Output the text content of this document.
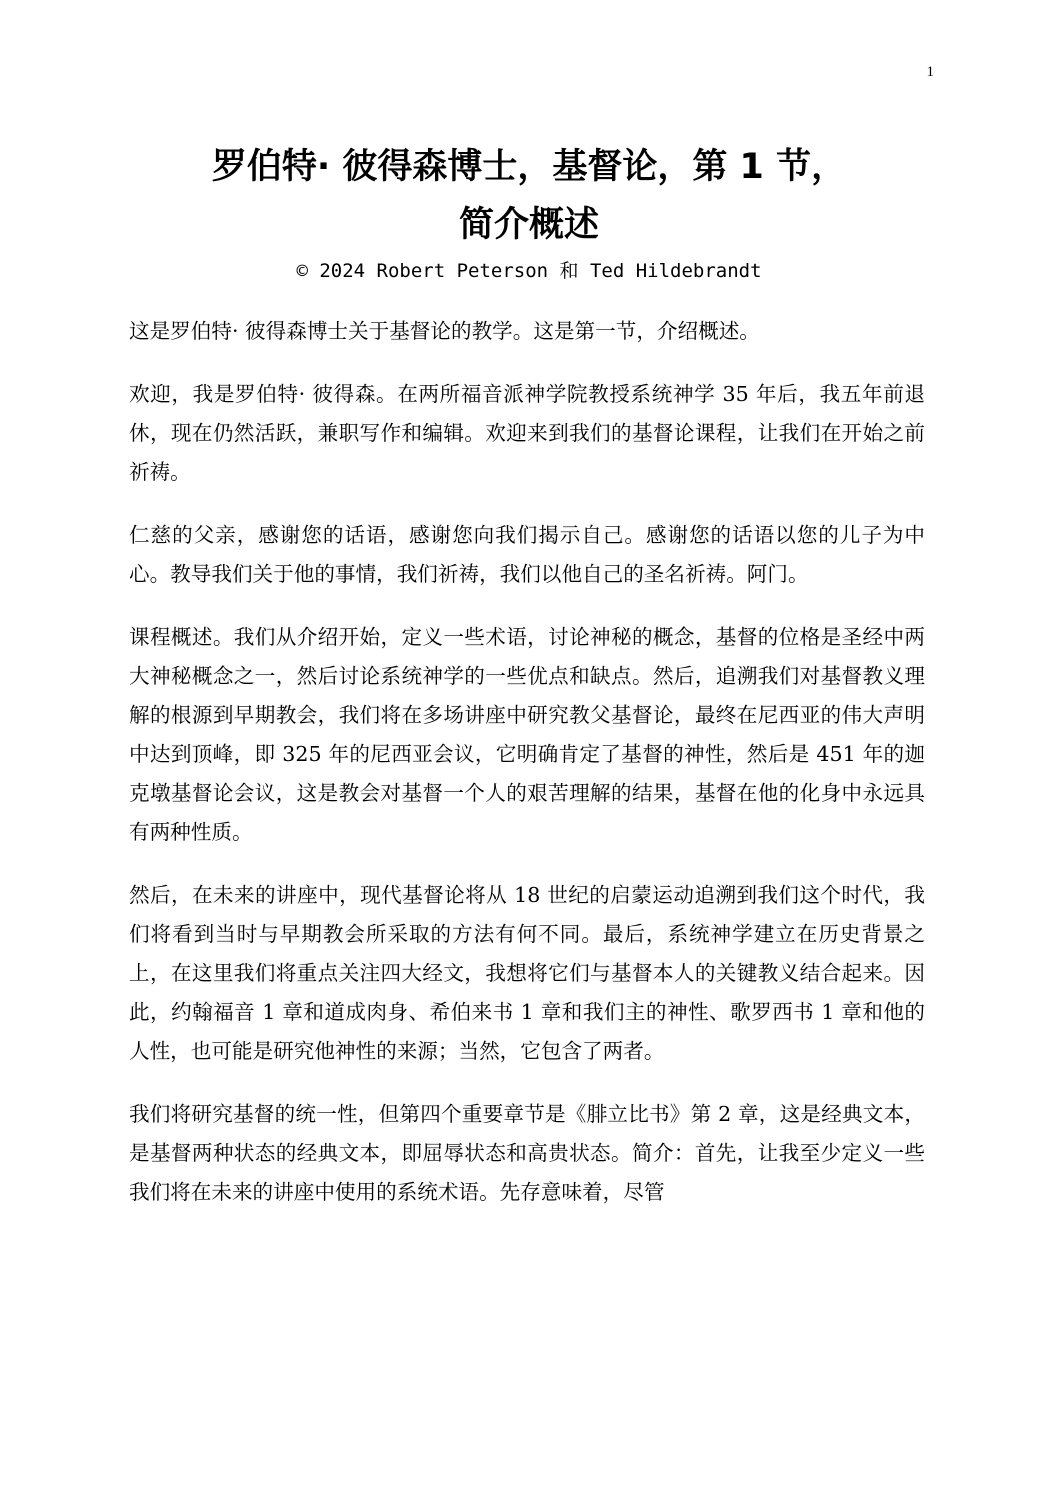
1
罗伯特· 彼得森博士，基督论，第 1 节，
简介概述
© 2024 Robert Peterson 和 Ted Hildebrandt

这是罗伯特· 彼得森博士关于基督论的教学。这是第一节，介绍概述。

欢迎，我是罗伯特· 彼得森。在两所福音派神学院教授系统神学 35 年后，我五年前退休，现在仍然活跃，兼职写作和编辑。欢迎来到我们的基督论课程，让我们在开始之前祈祷。

仁慈的父亲，感谢您的话语，感谢您向我们揭示自己。感谢您的话语以您的儿子为中心。教导我们关于他的事情，我们祈祷，我们以他自己的圣名祈祷。阿门。

课程概述。我们从介绍开始，定义一些术语，讨论神秘的概念，基督的位格是圣经中两大神秘概念之一，然后讨论系统神学的一些优点和缺点。然后，追溯我们对基督教义理解的根源到早期教会，我们将在多场讲座中研究教父基督论，最终在尼西亚的伟大声明中达到顶峰，即 325 年的尼西亚会议，它明确肯定了基督的神性，然后是 451 年的迦克墩基督论会议，这是教会对基督一个人的艰苦理解的结果，基督在他的化身中永远具有两种性质。

然后，在未来的讲座中，现代基督论将从 18 世纪的启蒙运动追溯到我们这个时代，我们将看到当时与早期教会所采取的方法有何不同。最后，系统神学建立在历史背景之上，在这里我们将重点关注四大经文，我想将它们与基督本人的关键教义结合起来。因此，约翰福音 1 章和道成肉身、希伯来书 1 章和我们主的神性、歌罗西书 1 章和他的人性，也可能是研究他神性的来源；当然，它包含了两者。

我们将研究基督的统一性，但第四个重要章节是《腓立比书》第 2 章，这是经典文本，是基督两种状态的经典文本，即屈辱状态和高贵状态。简介：首先，让我至少定义一些我们将在未来的讲座中使用的系统术语。先存意味着，尽管
